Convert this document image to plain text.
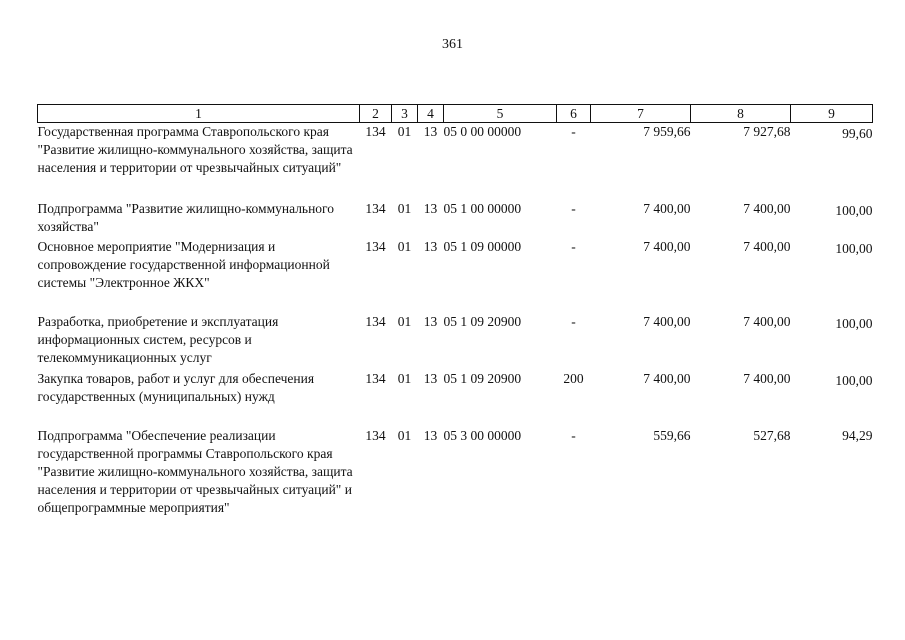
361
1	2	3	4	5	6	7	8	9
Государственная программа Ставропольского края "Развитие жилищно-коммунального хозяйства, защита населения и территории от чрезвычайных ситуаций"	134	01	13	05 0 00 00000	-	7 959,66	7 927,68	99,60
Подпрограмма "Развитие жилищно-коммунального хозяйства"	134	01	13	05 1 00 00000	-	7 400,00	7 400,00	100,00
Основное мероприятие "Модернизация и сопровождение государственной информационной системы "Электронное ЖКХ"	134	01	13	05 1 09 00000	-	7 400,00	7 400,00	100,00
Разработка, приобретение и эксплуатация информационных систем, ресурсов и телекоммуникационных услуг	134	01	13	05 1 09 20900	-	7 400,00	7 400,00	100,00
Закупка товаров, работ и услуг для обеспечения государственных (муниципальных) нужд	134	01	13	05 1 09 20900	200	7 400,00	7 400,00	100,00
Подпрограмма "Обеспечение реализации государственной программы Ставропольского края "Развитие жилищно-коммунального хозяйства, защита населения и территории от чрезвычайных ситуаций" и общепрограммные мероприятия"	134	01	13	05 3 00 00000	-	559,66	527,68	94,29
